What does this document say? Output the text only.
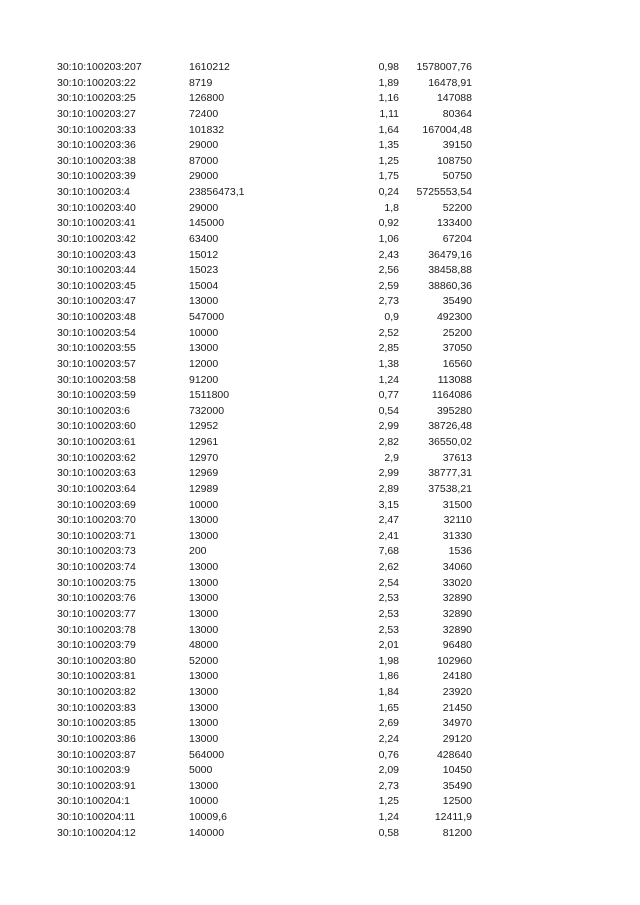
30:10:100203:207	1610212	0,98 1578007,76
30:10:100203:22	8719	1,89	16478,91
30:10:100203:25	126800	1,16	147088
30:10:100203:27	72400	1,11	80364
30:10:100203:33	101832	1,64 167004,48
30:10:100203:36	29000	1,35	39150
30:10:100203:38	87000	1,25	108750
30:10:100203:39	29000	1,75	50750
30:10:100203:4	23856473,1	0,24 5725553,54
30:10:100203:40	29000	1,8	52200
30:10:100203:41	145000	0,92	133400
30:10:100203:42	63400	1,06	67204
30:10:100203:43	15012	2,43	36479,16
30:10:100203:44	15023	2,56	38458,88
30:10:100203:45	15004	2,59	38860,36
30:10:100203:47	13000	2,73	35490
30:10:100203:48	547000	0,9	492300
30:10:100203:54	10000	2,52	25200
30:10:100203:55	13000	2,85	37050
30:10:100203:57	12000	1,38	16560
30:10:100203:58	91200	1,24	113088
30:10:100203:59	1511800	0,77	1164086
30:10:100203:6	732000	0,54	395280
30:10:100203:60	12952	2,99	38726,48
30:10:100203:61	12961	2,82	36550,02
30:10:100203:62	12970	2,9	37613
30:10:100203:63	12969	2,99	38777,31
30:10:100203:64	12989	2,89	37538,21
30:10:100203:69	10000	3,15	31500
30:10:100203:70	13000	2,47	32110
30:10:100203:71	13000	2,41	31330
30:10:100203:73	200	7,68	1536
30:10:100203:74	13000	2,62	34060
30:10:100203:75	13000	2,54	33020
30:10:100203:76	13000	2,53	32890
30:10:100203:77	13000	2,53	32890
30:10:100203:78	13000	2,53	32890
30:10:100203:79	48000	2,01	96480
30:10:100203:80	52000	1,98	102960
30:10:100203:81	13000	1,86	24180
30:10:100203:82	13000	1,84	23920
30:10:100203:83	13000	1,65	21450
30:10:100203:85	13000	2,69	34970
30:10:100203:86	13000	2,24	29120
30:10:100203:87	564000	0,76	428640
30:10:100203:9	5000	2,09	10450
30:10:100203:91	13000	2,73	35490
30:10:100204:1	10000	1,25	12500
30:10:100204:11	10009,6	1,24	12411,9
30:10:100204:12	140000	0,58	81200
